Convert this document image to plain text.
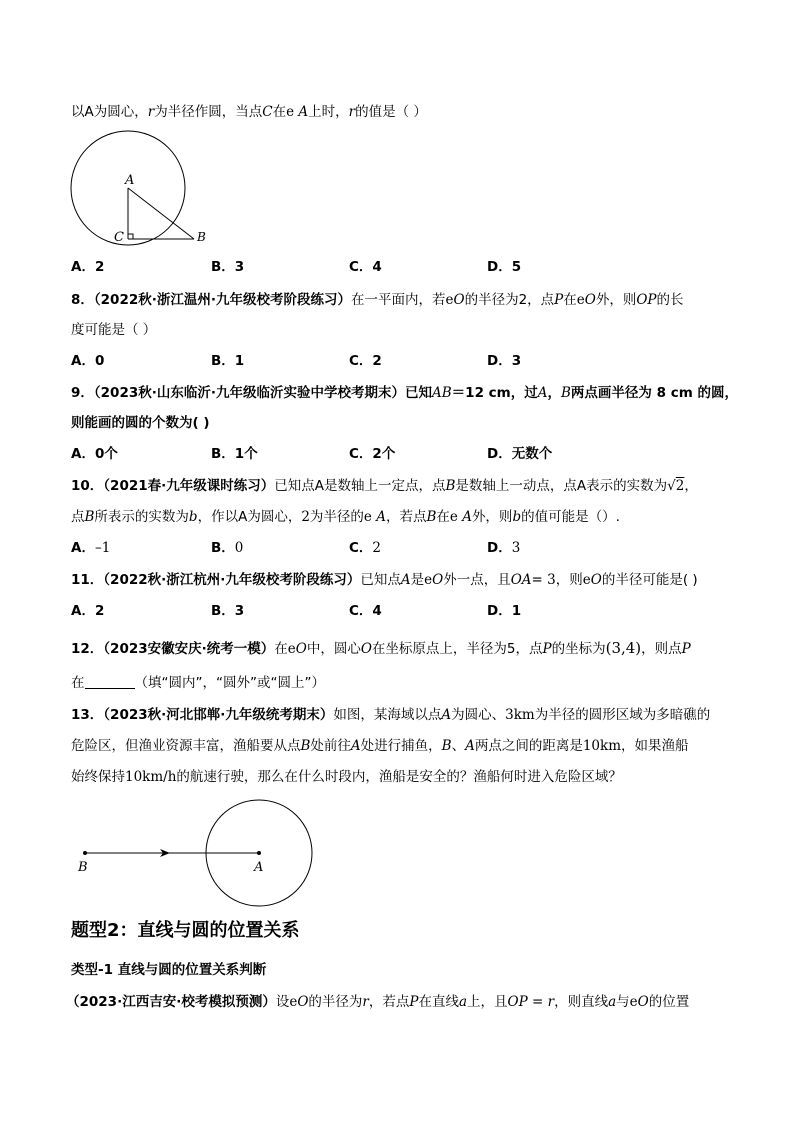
以A为圆心，r为半径作圆，当点C在e A上时，r的值是（ ）
A
C	B
A．2	B．3	C．4	D．5
8．（2022秋·浙江温州·九年级校考阶段练习）在一平面内，若eO的半径为2，点P在eO外，则OP的长
度可能是（ ）
A．0	B．1	C．2	D．3
9．（2023秋·山东临沂·九年级临沂实验中学校考期末）已知AB＝12 cm，过A，B两点画半径为 8 cm 的圆，
则能画的圆的个数为( )
A．0个	B．1个	C．2个	D．无数个
10．（2021春·九年级课时练习）已知点A是数轴上一定点，点B是数轴上一动点，点A表示的实数为√2，
点B所表示的实数为b，作以A为圆心，2为半径的e A，若点B在e A外，则b的值可能是（）.
A．–1	B．0	C．2	D．3
11．（2022秋·浙江杭州·九年级校考阶段练习）已知点A是eO外一点，且OA= 3，则eO的半径可能是( )
A．2	B．3	C．4	D．1
12．（2023安徽安庆·统考一模）在eO中，圆心O在坐标原点上，半径为5，点P的坐标为(3,4)，则点P
在	（填“圆内”，“圆外”或“圆上”）
13．（2023秋·河北邯郸·九年级统考期末）如图，某海域以点A为圆心、3km为半径的圆形区域为多暗礁的
危险区，但渔业资源丰富，渔船要从点B处前往A处进行捕鱼，B、A两点之间的距离是10km，如果渔船
始终保持10km/h的航速行驶，那么在什么时段内，渔船是安全的？渔船何时进入危险区域？
B	A
题型2：直线与圆的位置关系
类型-1 直线与圆的位置关系判断
（2023·江西吉安·校考模拟预测）设eO的半径为r，若点P在直线a上，且OP = r，则直线a与eO的位置
